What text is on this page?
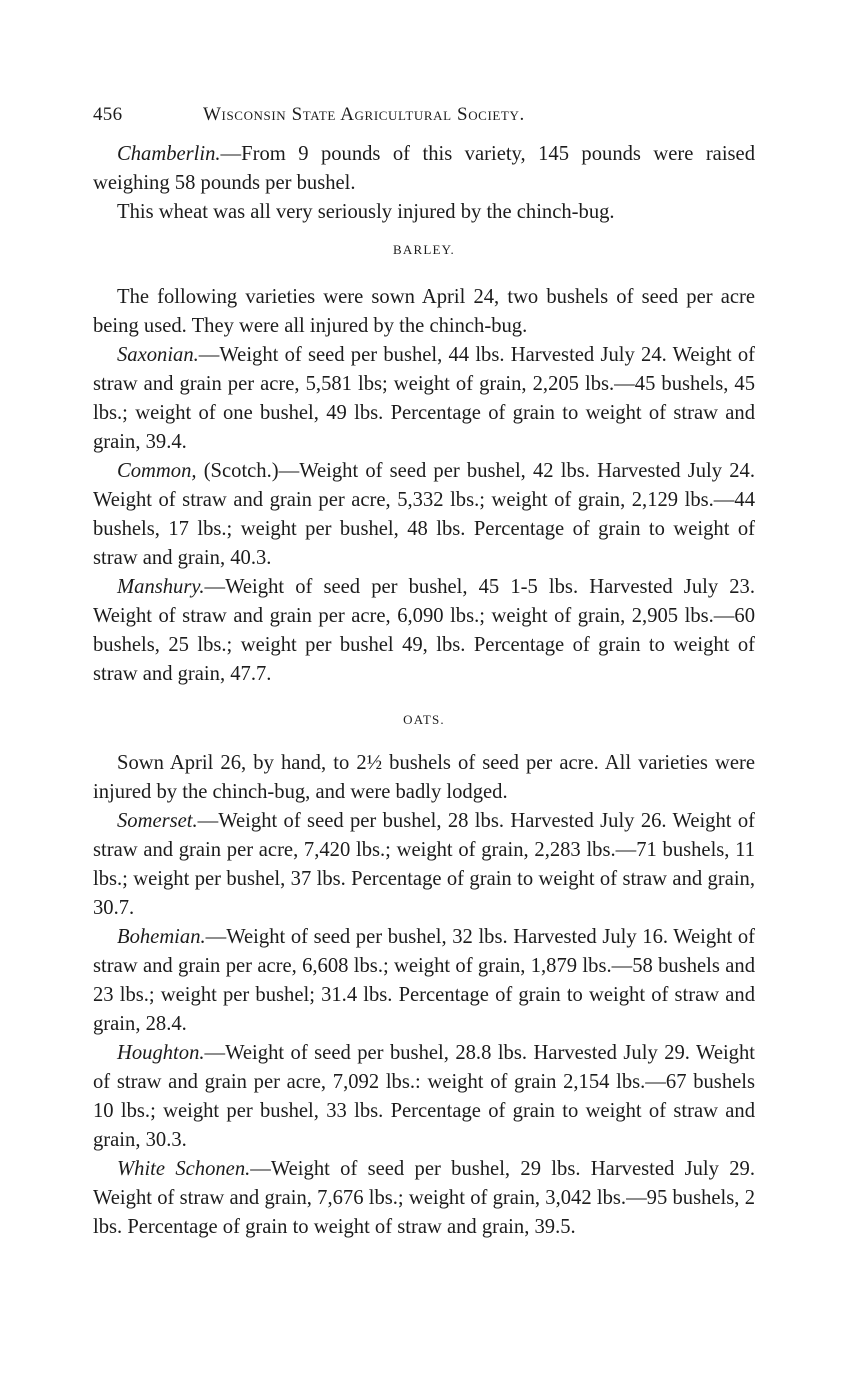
456	Wisconsin State Agricultural Society.

Chamberlin.—From 9 pounds of this variety, 145 pounds were raised weighing 58 pounds per bushel.

This wheat was all very seriously injured by the chinch-bug.

BARLEY.

The following varieties were sown April 24, two bushels of seed per acre being used. They were all injured by the chinch-bug.

Saxonian.—Weight of seed per bushel, 44 lbs. Harvested July 24. Weight of straw and grain per acre, 5,581 lbs; weight of grain, 2,205 lbs.—45 bushels, 45 lbs.; weight of one bushel, 49 lbs. Percentage of grain to weight of straw and grain, 39.4.

Common, (Scotch.)—Weight of seed per bushel, 42 lbs. Harvested July 24. Weight of straw and grain per acre, 5,332 lbs.; weight of grain, 2,129 lbs.—44 bushels, 17 lbs.; weight per bushel, 48 lbs. Percentage of grain to weight of straw and grain, 40.3.

Manshury.—Weight of seed per bushel, 45 1-5 lbs. Harvested July 23. Weight of straw and grain per acre, 6,090 lbs.; weight of grain, 2,905 lbs.—60 bushels, 25 lbs.; weight per bushel 49, lbs. Percentage of grain to weight of straw and grain, 47.7.

OATS.

Sown April 26, by hand, to 2½ bushels of seed per acre. All varieties were injured by the chinch-bug, and were badly lodged.

Somerset.—Weight of seed per bushel, 28 lbs. Harvested July 26. Weight of straw and grain per acre, 7,420 lbs.; weight of grain, 2,283 lbs.—71 bushels, 11 lbs.; weight per bushel, 37 lbs. Percentage of grain to weight of straw and grain, 30.7.

Bohemian.—Weight of seed per bushel, 32 lbs. Harvested July 16. Weight of straw and grain per acre, 6,608 lbs.; weight of grain, 1,879 lbs.—58 bushels and 23 lbs.; weight per bushel; 31.4 lbs. Percentage of grain to weight of straw and grain, 28.4.

Houghton.—Weight of seed per bushel, 28.8 lbs. Harvested July 29. Weight of straw and grain per acre, 7,092 lbs.: weight of grain 2,154 lbs.—67 bushels 10 lbs.; weight per bushel, 33 lbs. Percentage of grain to weight of straw and grain, 30.3.

White Schonen.—Weight of seed per bushel, 29 lbs. Harvested July 29. Weight of straw and grain, 7,676 lbs.; weight of grain, 3,042 lbs.—95 bushels, 2 lbs. Percentage of grain to weight of straw and grain, 39.5.
